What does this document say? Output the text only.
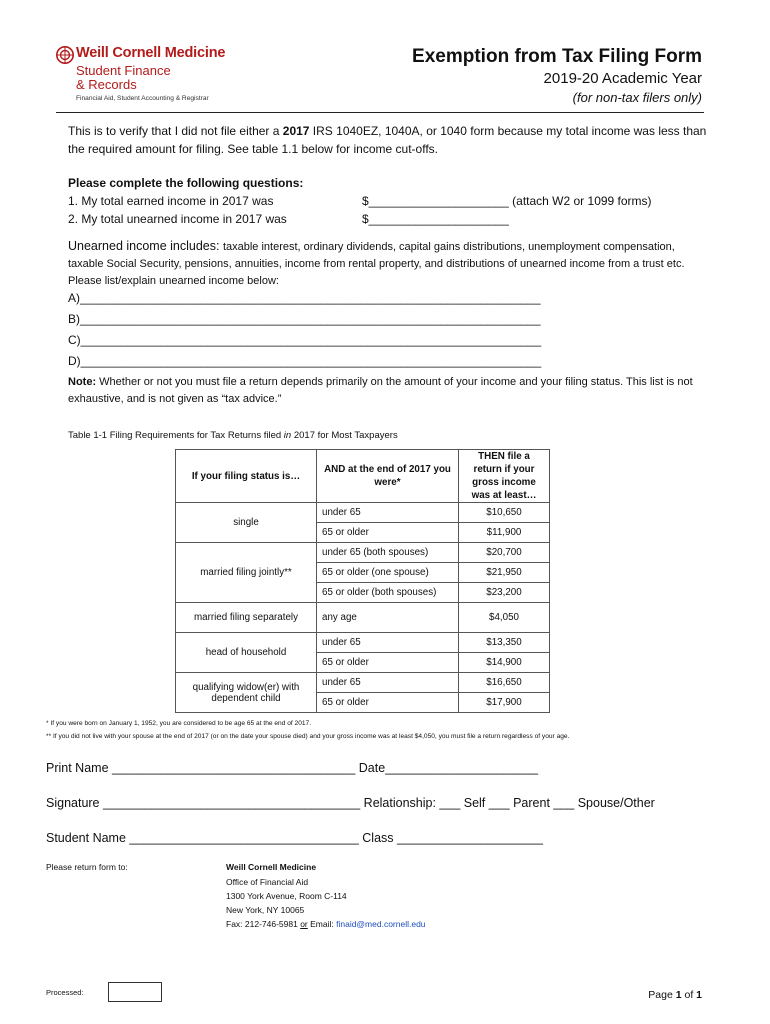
Weill Cornell Medicine
Student Finance
& Records
Financial Aid, Student Accounting & Registrar
Exemption from Tax Filing Form
2019-20 Academic Year
(for non-tax filers only)
This is to verify that I did not file either a 2017 IRS 1040EZ, 1040A, or 1040 form because my total income was less than the required amount for filing. See table 1.1 below for income cut-offs.
Please complete the following questions:
1. My total earned income in 2017 was
2. My total unearned income in 2017 was
$_____________________ (attach W2 or 1099 forms)
$_____________________
Unearned income includes: taxable interest, ordinary dividends, capital gains distributions, unemployment compensation, taxable Social Security, pensions, annuities, income from rental property, and distributions of unearned income from a trust etc. Please list/explain unearned income below:
A)_____________________________________________________________________
B)_____________________________________________________________________
C)_____________________________________________________________________
D)_____________________________________________________________________
Note: Whether or not you must file a return depends primarily on the amount of your income and your filing status. This list is not exhaustive, and is not given as “tax advice.”
Table 1-1 Filing Requirements for Tax Returns filed in 2017 for Most Taxpayers
If your filing status is…	AND at the end of 2017 you were*	THEN file a return if your gross income was at least…
single	under 65	$10,650
	65 or older	$11,900
married filing jointly**	under 65 (both spouses)	$20,700
	65 or older (one spouse)	$21,950
	65 or older (both spouses)	$23,200
married filing separately	any age	$4,050
head of household	under 65	$13,350
	65 or older	$14,900
qualifying widow(er) with dependent child	under 65	$16,650
	65 or older	$17,900
* If you were born on January 1, 1952, you are considered to be age 65 at the end of 2017.
** If you did not live with your spouse at the end of 2017 (or on the date your spouse died) and your gross income was at least $4,050, you must file a return regardless of your age.
Print Name ___________________________________ Date______________________
Signature _____________________________________ Relationship: ___ Self ___ Parent ___ Spouse/Other
Student Name _________________________________ Class _____________________
Please return form to:	Weill Cornell Medicine
Office of Financial Aid
1300 York Avenue, Room C-114
New York, NY 10065
Fax: 212-746-5981 or Email: finaid@med.cornell.edu
Processed:	Page 1 of 1
